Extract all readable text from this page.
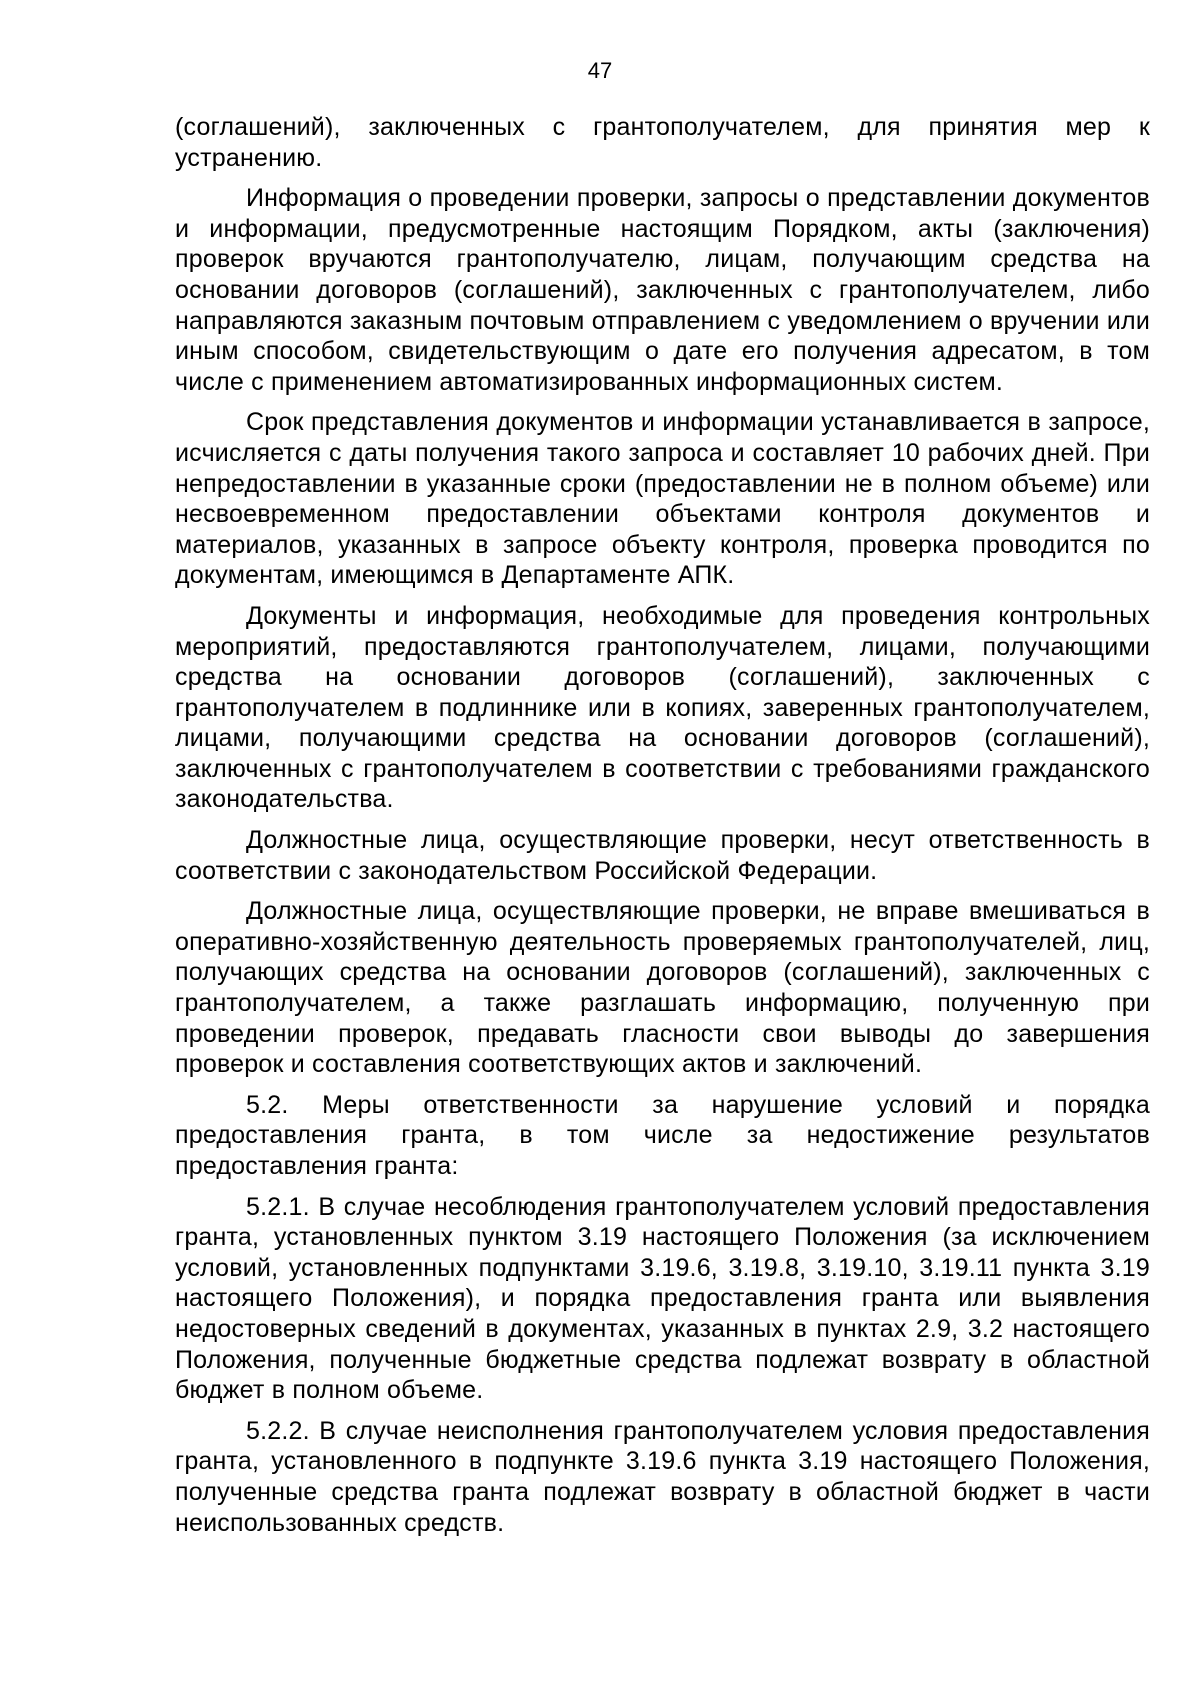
47

(соглашений), заключенных с грантополучателем, для принятия мер к устранению.

Информация о проведении проверки, запросы о представлении документов и информации, предусмотренные настоящим Порядком, акты (заключения) проверок вручаются грантополучателю, лицам, получающим средства на основании договоров (соглашений), заключенных с грантополучателем, либо направляются заказным почтовым отправлением с уведомлением о вручении или иным способом, свидетельствующим о дате его получения адресатом, в том числе с применением автоматизированных информационных систем.

Срок представления документов и информации устанавливается в запросе, исчисляется с даты получения такого запроса и составляет 10 рабочих дней. При непредоставлении в указанные сроки (предоставлении не в полном объеме) или несвоевременном предоставлении объектами контроля документов и материалов, указанных в запросе объекту контроля, проверка проводится по документам, имеющимся в Департаменте АПК.

Документы и информация, необходимые для проведения контрольных мероприятий, предоставляются грантополучателем, лицами, получающими средства на основании договоров (соглашений), заключенных с грантополучателем в подлиннике или в копиях, заверенных грантополучателем, лицами, получающими средства на основании договоров (соглашений), заключенных с грантополучателем в соответствии с требованиями гражданского законодательства.

Должностные лица, осуществляющие проверки, несут ответственность в соответствии с законодательством Российской Федерации.

Должностные лица, осуществляющие проверки, не вправе вмешиваться в оперативно-хозяйственную деятельность проверяемых грантополучателей, лиц, получающих средства на основании договоров (соглашений), заключенных с грантополучателем, а также разглашать информацию, полученную при проведении проверок, предавать гласности свои выводы до завершения проверок и составления соответствующих актов и заключений.

5.2. Меры ответственности за нарушение условий и порядка предоставления гранта, в том числе за недостижение результатов предоставления гранта:

5.2.1. В случае несоблюдения грантополучателем условий предоставления гранта, установленных пунктом 3.19 настоящего Положения (за исключением условий, установленных подпунктами 3.19.6, 3.19.8, 3.19.10, 3.19.11 пункта 3.19 настоящего Положения), и порядка предоставления гранта или выявления недостоверных сведений в документах, указанных в пунктах 2.9, 3.2 настоящего Положения, полученные бюджетные средства подлежат возврату в областной бюджет в полном объеме.

5.2.2. В случае неисполнения грантополучателем условия предоставления гранта, установленного в подпункте 3.19.6 пункта 3.19 настоящего Положения, полученные средства гранта подлежат возврату в областной бюджет в части неиспользованных средств.
